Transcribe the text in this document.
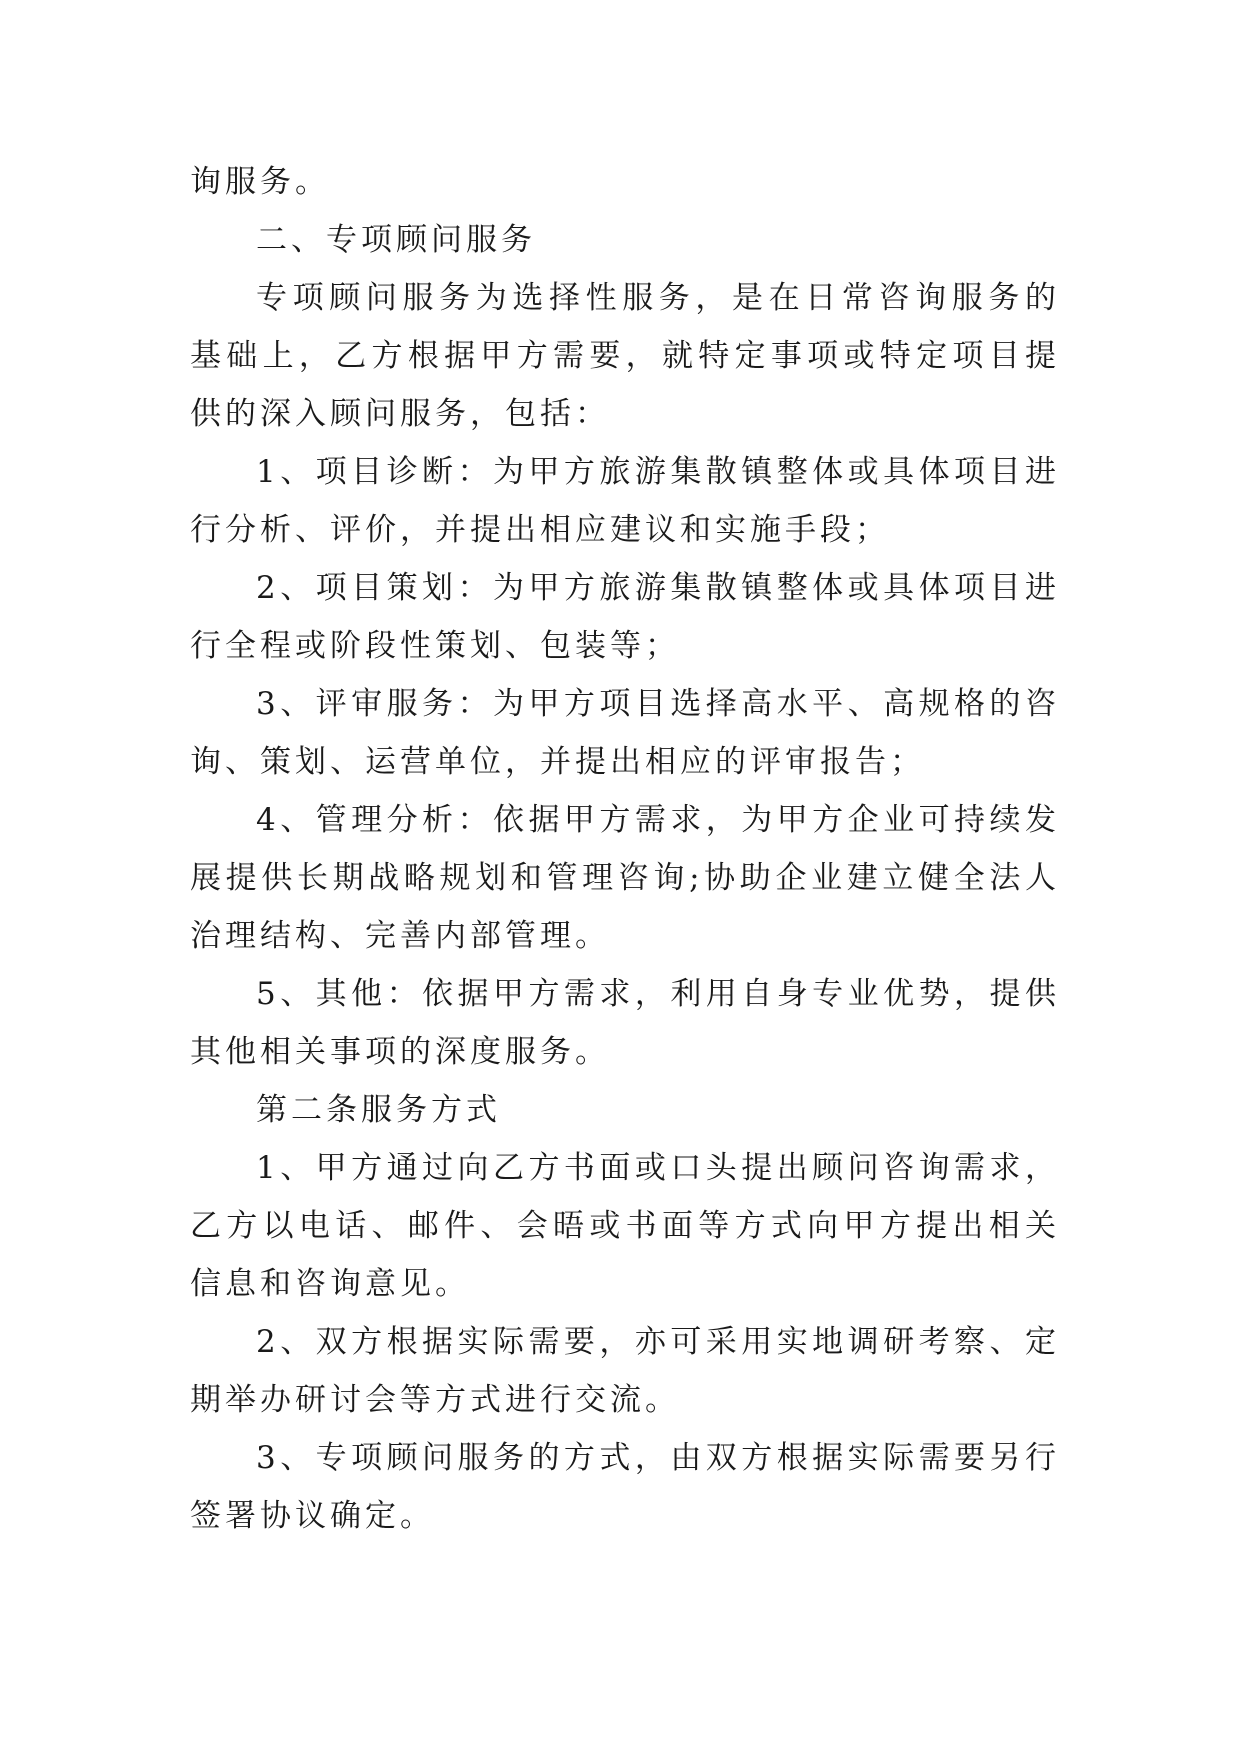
询服务。

二、专项顾问服务

专项顾问服务为选择性服务，是在日常咨询服务的基础上，乙方根据甲方需要，就特定事项或特定项目提供的深入顾问服务，包括：

1、项目诊断：为甲方旅游集散镇整体或具体项目进行分析、评价，并提出相应建议和实施手段；

2、项目策划：为甲方旅游集散镇整体或具体项目进行全程或阶段性策划、包装等；

3、评审服务：为甲方项目选择高水平、高规格的咨询、策划、运营单位，并提出相应的评审报告；

4、管理分析：依据甲方需求，为甲方企业可持续发展提供长期战略规划和管理咨询;协助企业建立健全法人治理结构、完善内部管理。

5、其他：依据甲方需求，利用自身专业优势，提供其他相关事项的深度服务。

第二条服务方式

1、甲方通过向乙方书面或口头提出顾问咨询需求，乙方以电话、邮件、会晤或书面等方式向甲方提出相关信息和咨询意见。

2、双方根据实际需要，亦可采用实地调研考察、定期举办研讨会等方式进行交流。

3、专项顾问服务的方式，由双方根据实际需要另行签署协议确定。
